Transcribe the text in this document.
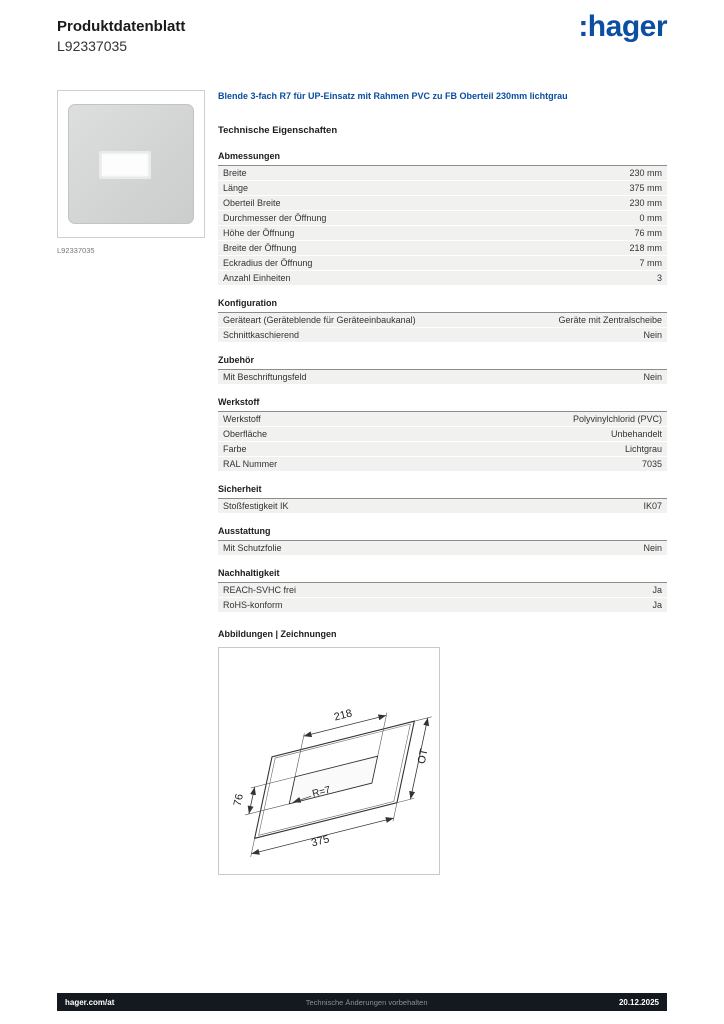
Produktdatenblatt
L92337035
:hager
L92337035
Blende 3-fach R7 für UP-Einsatz mit Rahmen PVC zu FB Oberteil 230mm lichtgrau
Technische Eigenschaften
Abmessungen
Breite	230 mm
Länge	375 mm
Oberteil Breite	230 mm
Durchmesser der Öffnung	0 mm
Höhe der Öffnung	76 mm
Breite der Öffnung	218 mm
Eckradius der Öffnung	7 mm
Anzahl Einheiten	3
Konfiguration
Geräteart (Geräteblende für Geräteeinbaukanal)	Geräte mit Zentralscheibe
Schnittkaschierend	Nein
Zubehör
Mit Beschriftungsfeld	Nein
Werkstoff
Werkstoff	Polyvinylchlorid (PVC)
Oberfläche	Unbehandelt
Farbe	Lichtgrau
RAL Nummer	7035
Sicherheit
Stoßfestigkeit IK	IK07
Ausstattung
Mit Schutzfolie	Nein
Nachhaltigkeit
REACh-SVHC frei	Ja
RoHS-konform	Ja
Abbildungen | Zeichnungen
375
218
76
OT
R=7
hager.com/at	Technische Änderungen vorbehalten	20.12.2025
